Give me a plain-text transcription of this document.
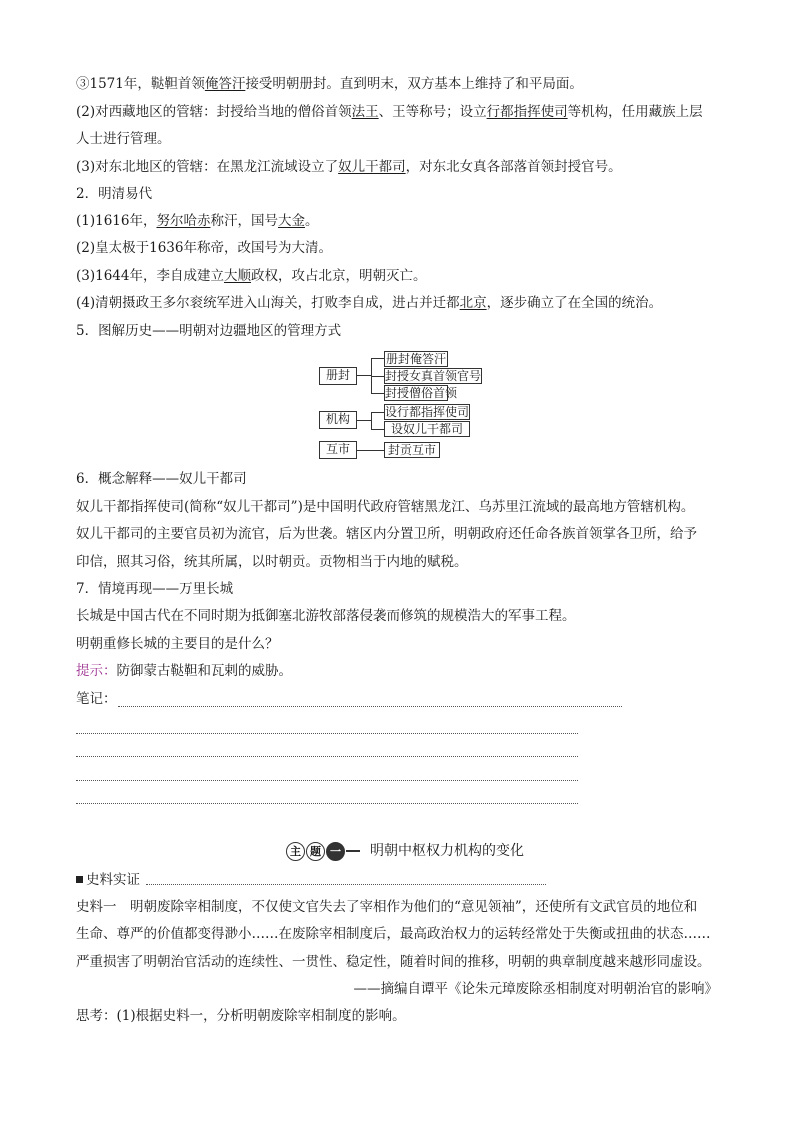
③1571年，鞑靼首领俺答汗接受明朝册封。直到明末，双方基本上维持了和平局面。
(2)对西藏地区的管辖：封授给当地的僧俗首领法王、王等称号；设立行都指挥使司等机构，任用藏族上层
人士进行管理。
(3)对东北地区的管辖：在黑龙江流域设立了奴儿干都司，对东北女真各部落首领封授官号。
2．明清易代
(1)1616年，努尔哈赤称汗，国号大金。
(2)皇太极于1636年称帝，改国号为大清。
(3)1644年，李自成建立大顺政权，攻占北京，明朝灭亡。
(4)清朝摄政王多尔衮统军进入山海关，打败李自成，进占并迁都北京，逐步确立了在全国的统治。
5．图解历史——明朝对边疆地区的管理方式
册封
机构
互市
册封俺答汗
封授女真首领官号
封授僧俗首领
设行都指挥使司
设奴儿干都司
封贡互市
6．概念解释——奴儿干都司
奴儿干都指挥使司(简称“奴儿干都司”)是中国明代政府管辖黑龙江、乌苏里江流域的最高地方管辖机构。
奴儿干都司的主要官员初为流官，后为世袭。辖区内分置卫所，明朝政府还任命各族首领掌各卫所，给予
印信，照其习俗，统其所属，以时朝贡。贡物相当于内地的赋税。
7．情境再现——万里长城
长城是中国古代在不同时期为抵御塞北游牧部落侵袭而修筑的规模浩大的军事工程。
明朝重修长城的主要目的是什么？
提示：防御蒙古鞑靼和瓦剌的威胁。
笔记：
主 题 一 明朝中枢权力机构的变化
史料实证
史料一　明朝废除宰相制度，不仅使文官失去了宰相作为他们的“意见领袖”，还使所有文武官员的地位和
生命、尊严的价值都变得渺小……在废除宰相制度后，最高政治权力的运转经常处于失衡或扭曲的状态……
严重损害了明朝治官活动的连续性、一贯性、稳定性，随着时间的推移，明朝的典章制度越来越形同虚设。
——摘编自谭平《论朱元璋废除丞相制度对明朝治官的影响》
思考：(1)根据史料一，分析明朝废除宰相制度的影响。
